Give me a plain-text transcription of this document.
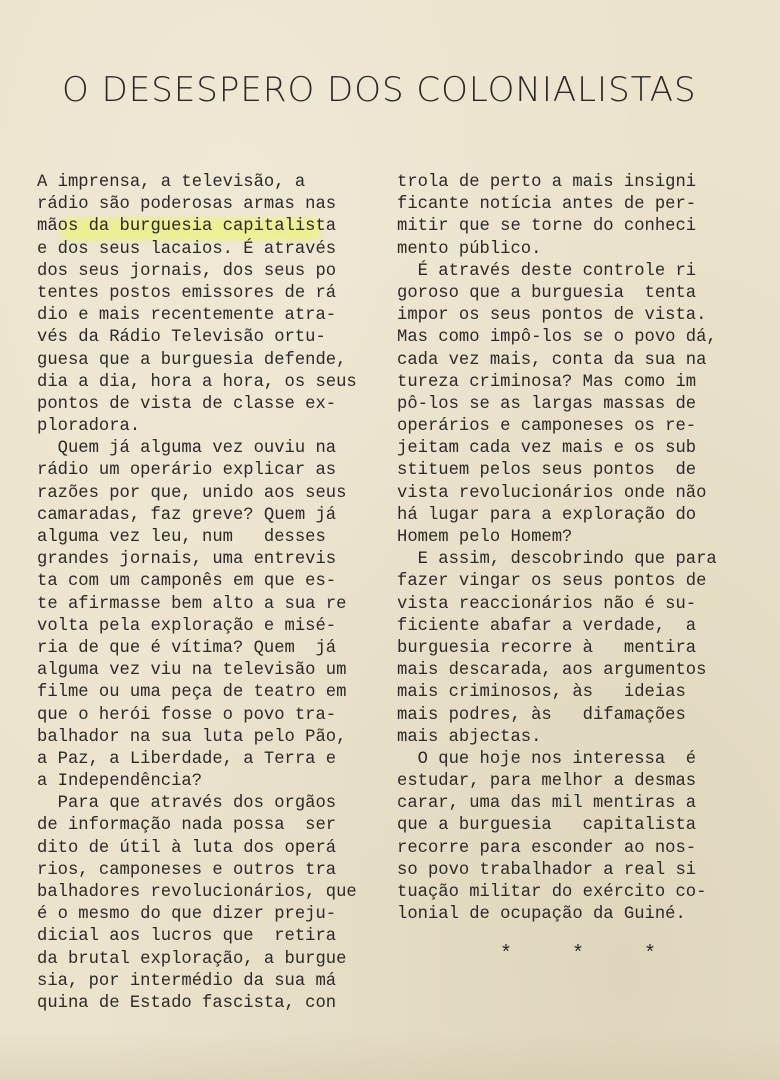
O DESESPERO DOS COLONIALISTAS
A imprensa, a televisão, a
rádio são poderosas armas nas
mãos da burguesia capitalista
e dos seus lacaios. É através
dos seus jornais, dos seus po
tentes postos emissores de rá
dio e mais recentemente atra-
vés da Rádio Televisão ortu-
guesa que a burguesia defende,
dia a dia, hora a hora, os seus
pontos de vista de classe ex-
ploradora.
Quem já alguma vez ouviu na
rádio um operário explicar as
razões por que, unido aos seus
camaradas, faz greve? Quem já
alguma vez leu, num   desses
grandes jornais, uma entrevis
ta com um camponês em que es-
te afirmasse bem alto a sua re
volta pela exploração e misé-
ria de que é vítima? Quem  já
alguma vez viu na televisão um
filme ou uma peça de teatro em
que o herói fosse o povo tra-
balhador na sua luta pelo Pão,
a Paz, a Liberdade, a Terra e
a Independência?
Para que através dos orgãos
de informação nada possa  ser
dito de útil à luta dos operá
rios, camponeses e outros tra
balhadores revolucionários, que
é o mesmo do que dizer preju-
dicial aos lucros que  retira
da brutal exploração, a burgue
sia, por intermédio da sua má
quina de Estado fascista, con
trola de perto a mais insigni
ficante notícia antes de per-
mitir que se torne do conheci
mento público.
É através deste controle ri
goroso que a burguesia  tenta
impor os seus pontos de vista.
Mas como impô-los se o povo dá,
cada vez mais, conta da sua na
tureza criminosa? Mas como im
pô-los se as largas massas de
operários e camponeses os re-
jeitam cada vez mais e os sub
stituem pelos seus pontos  de
vista revolucionários onde não
há lugar para a exploração do
Homem pelo Homem?
E assim, descobrindo que para
fazer vingar os seus pontos de
vista reaccionários não é su-
ficiente abafar a verdade,  a
burguesia recorre à   mentira
mais descarada, aos argumentos
mais criminosos, às   ideias
mais podres, às   difamações
mais abjectas.
O que hoje nos interessa  é
estudar, para melhor a desmas
carar, uma das mil mentiras a
que a burguesia   capitalista
recorre para esconder ao nos-
so povo trabalhador a real si
tuação militar do exército co-
lonial de ocupação da Guiné.
* * *
